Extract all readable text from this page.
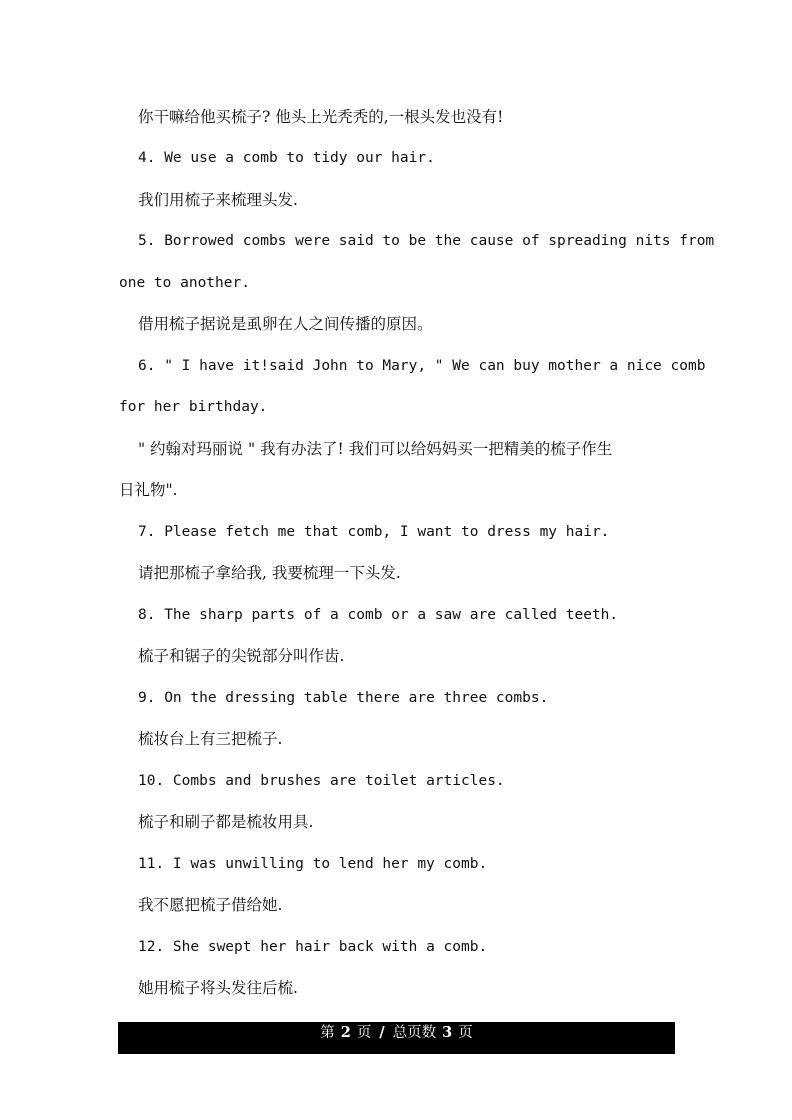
你干嘛给他买梳子? 他头上光秃秃的,一根头发也没有!
4. We use a comb to tidy our hair.
我们用梳子来梳理头发.
5. Borrowed combs were said to be the cause of spreading nits from
one to another.
借用梳子据说是虱卵在人之间传播的原因。
6. " I have it!said John to Mary, " We can buy mother a nice comb
for her birthday.
" 约翰对玛丽说 " 我有办法了! 我们可以给妈妈买一把精美的梳子作生
日礼物".
7. Please fetch me that comb, I want to dress my hair.
请把那梳子拿给我, 我要梳理一下头发.
8. The sharp parts of a comb or a saw are called teeth.
梳子和锯子的尖锐部分叫作齿.
9. On the dressing table there are three combs.
梳妆台上有三把梳子.
10. Combs and brushes are toilet articles.
梳子和刷子都是梳妆用具.
11. I was unwilling to lend her my comb.
我不愿把梳子借给她.
12. She swept her hair back with a comb.
她用梳子将头发往后梳.
第 2 页 / 总页数 3 页
